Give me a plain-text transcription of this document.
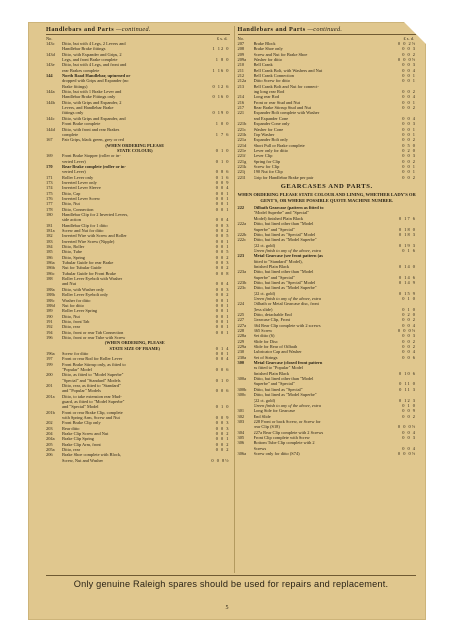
Handlebars and Parts —continued.
No.	£ s. d.
143c	Ditto, but with 4 Legs, 2 Levers and
Handlebar Brake fittings	1 12 0
143d	Ditto, with Expander and Grips, 2
Legs, and front Brake complete	1 8 0
143e	Ditto, but with 4 Legs, and front and
rear Brakes complete	1 16 0
144	North Road Handlebar, upturned or
dropped with Grips and Expander (no
Brake fittings)	0 12 6
144a	Ditto, but with 1 Brake Lever and
Handlebar Brake Fittings only	0 16 0
144b	Ditto, with Grips and Expander, 2
Levers, and Handlebar Brake
fittings only	0 19 0
144c	Ditto, with Grips and Expander, and
Front Brake complete	1 0 0
144d	Ditto, with front and rear Brakes
complete	1 7 6
167	Pair Grips, black green, grey or red
(WHEN ORDERING PLEASE
STATE COLOUR)	0 1 0
169	Front Brake Stopper (roller or in-
verted Lever)	0 1 0
170	Rear Brake complete (roller or in-
verted Lever)	0 8 6
171	Roller Lever only	0 1 6
173	Inverted Lever only	0 0 9
174	Inverted Lever Sleeve	0 0 4
175	Ditto, Cap	0 0 1
176	Inverted Lever Screw	0 0 1
177	Ditto, Nut	0 0 1
178	Ditto, Connection	0 0 1
180	Handlebar Clip for 2 Inverted Levers,
side action	0 0 4
181	Handlebar Clip for 1 ditto	0 0 3
181a	Screw and Nut for ditto	0 0 2
182	Inverted Wire with Screw and Roller	0 0 5
183	Inverted Wire Screw (Nipple)	0 0 1
184	Ditto, Roller	0 0 1
185	Ditto, Tube	0 0 5
186	Ditto, Spring	0 0 2
186a	Tubular Guide for rear Brake	0 0 3
186b	Nut for Tubular Guide	0 0 2
186c	Tubular Guide for Front Brake	0 0 8
188	Roller Lever Eyebolt with Washer
and Nut	0 0 4
188a	Ditto, with Washer only	0 0 3
188b	Roller Lever Eyebolt only	0 0 2
188c	Washer for ditto	0 0 1
188d	Nut for ditto	0 0 1
189	Roller Lever Spring	0 0 1
190	Ditto, Nut	0 0 1
191	Ditto, front Tab	0 0 1
192	Ditto, rear	0 0 1
194	Ditto, front or rear Tab Connection	0 0 1
196	Ditto, front or rear Tube with Screw
(WHEN ORDERING, PLEASE
STATE SIZE OF FRAME)	0 1 4
196a	Screw for ditto	0 0 1
197	Front or rear Rod for Roller Lever	0 0 4
199	Front Brake Stirrup only, as fitted to
"Popular" Model	0 0 6
200	Ditto, as fitted to "Model Superbe"
"Special" and "Standard" Models	0 1 0
201	Ditto, rear, as fitted to "Standard"
and "Popular" Models	0 0 6
201a	Ditto, to take extension rear Mud-
guard, as fitted to "Model Superbe"
and "Special" Model	0 1 0
201b	Front or rear Brake Clip, complete
with Spring Arm, Screw and Nut	0 0 9
202	Front Brake Clip only	0 0 3
203	Rear ditto	0 0 3
204	Brake Clip Screw and Nut	0 0 2
204a	Brake Clip Spring	0 0 1
205	Brake Clip Arm, front	0 0 2
205a	Ditto, rear	0 0 2
206	Brake Shoe complete with Block,
Screw, Nut and Washer	0 0 8½
Handlebars and Parts —continued.
No.	£ s. d.
207	Brake Block	0 0 2½
208	Brake Shoe only	0 0 3
209	Screw and Nut for Brake Shoe	0 0 2
209a	Washer for ditto	0 0 0½
210	Bell Crank	0 0 3
211	Bell Crank Bolt, with Washers and Nut	0 0 4
212	Bell Crank Connection	0 0 1
212a	Ditto Screw for ditto	0 0 1
213	Bell Crank Bolt and Nut for connect-
ing long rear Rod	0 0 2
214	Long rear Rod	0 0 4
216	Front or rear Stud and Nut	0 0 1
217	Rear Brake Stirrup Stud and Nut	0 0 2
221	Expander Bolt complete with Washer
and Expander Cone	0 0 4
221b	Expander Cone only	0 0 3
221c	Washer for Cone	0 0 1
221h	Top Washer	0 0 1
221a	Expander Bolt only	0 0 2
221d	Short Pull or Brake complete	0 5 0
221e	Lever only for ditto	0 2 0
221f	Lever Clip	0 0 3
221g	Spring for Clip	0 0 2
221k	Screw for Clip	0 0 1
221j	190 Nut for Clip	0 0 1
221l	Grip for Handlebar Brake per pair	0 0 2
GEARCASES AND PARTS.
WHEN ORDERING PLEASE STATE COLOUR AND LINING, WHETHER LADY'S OR GENT'S, OR WHERE POSSIBLE QUOTE MACHINE NUMBER.
222	Oilbath Gearcase (pattern as fitted to
"Model Superbe" and "Special"
Model) finished Plain Black	0 17 6
222a	Ditto, but lined other than "Model
Superbe" and "Special"	0 18 0
222b	Ditto, but lined as "Special" Model	0 18 3
222c	Ditto, but lined as "Model Superbe"
(22 ct. gold)	0 19 3
Green finish to any of the above, extra	0 1 6
223	Metal Gearcase (see front pattern (as
fitted to "Standard" Model),
finished Plain Black	0 14 0
223a	Ditto, but lined other than "Model
Superbe" and "Special"	0 14 6
223b	Ditto, but lined as "Special" Model	0 14 9
223c	Ditto, but lined as "Model Superbe"
(22 ct. gold)	0 15 9
Green finish to any of the above, extra	0 1 0
224	Oilbath or Metal Gearcase disc, front
(less slide)	0 1 0
225	Ditto, detachable End	0 2 0
227	Gearcase Clip, Front	0 0 2
227a	364 Rear Clip complete with 2 screws	0 0 4
228	365 Screw	0 0 0½
228a	Set ditto (6)	0 0 3
229	Slide for Disc	0 0 2
229a	Slide for Rear of Oilbath	0 0 2
230	Lubricator Cap and Washer	0 0 4
230a	Set of Strings	0 0 6
300	Metal Gearcase (closed front pattern
as fitted to "Popular" Model
finished Plain Black	0 10 6
300a	Ditto, but lined other than "Model
Superbe" and "Special"	0 11 0
300b	Ditto, but lined as "Special"	0 11 3
300c	Ditto, but lined as "Model Superbe"
(22 ct. gold)	0 12 3
Green finish to any of the above, extra	0 1 0
301	Long Side for Gearcase	0 0 9
302	End Slide	0 0 2
303	228 Front or back Screw, or Screw for
rear Clip (S18)	0 0 0½
304	227a Rear Clip complete with 2 Screws	0 0 4
305	Front Clip complete with Screw	0 0 3
306	Bottom Tube Clip complete with 2
Screws	0 0 4
306a	Screw only for ditto (S74)	0 0 0½
Only genuine Raleigh spares should be used for repairs and replacement.
5
